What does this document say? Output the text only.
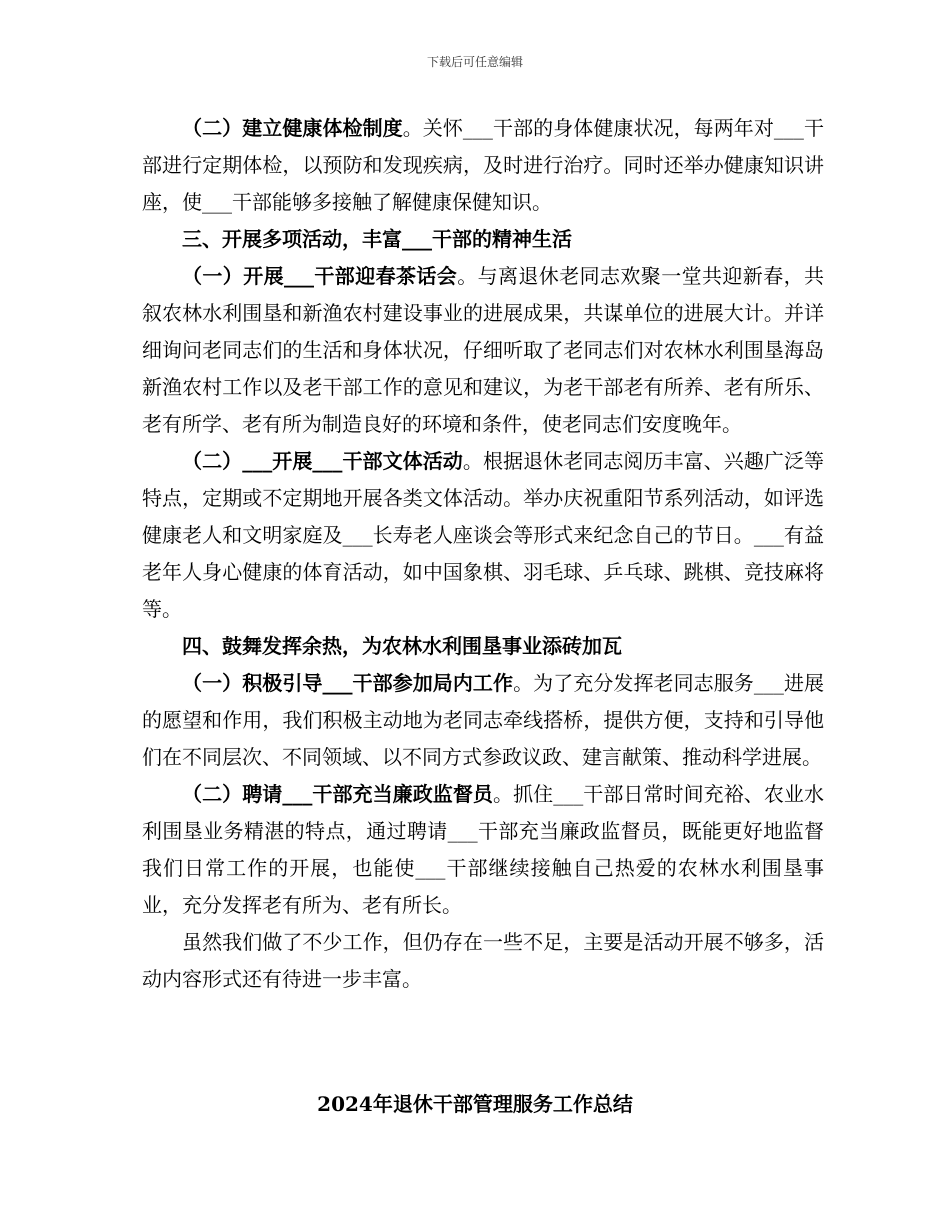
下载后可任意编辑

（二）建立健康体检制度。关怀___干部的身体健康状况，每两年对___干部进行定期体检，以预防和发现疾病，及时进行治疗。同时还举办健康知识讲座，使___干部能够多接触了解健康保健知识。

三、开展多项活动，丰富___干部的精神生活

（一）开展___干部迎春茶话会。与离退休老同志欢聚一堂共迎新春，共叙农林水利围垦和新渔农村建设事业的进展成果，共谋单位的进展大计。并详细询问老同志们的生活和身体状况，仔细听取了老同志们对农林水利围垦海岛新渔农村工作以及老干部工作的意见和建议，为老干部老有所养、老有所乐、老有所学、老有所为制造良好的环境和条件，使老同志们安度晚年。

（二）___开展___干部文体活动。根据退休老同志阅历丰富、兴趣广泛等特点，定期或不定期地开展各类文体活动。举办庆祝重阳节系列活动，如评选健康老人和文明家庭及___长寿老人座谈会等形式来纪念自己的节日。___有益老年人身心健康的体育活动，如中国象棋、羽毛球、乒乓球、跳棋、竞技麻将等。

四、鼓舞发挥余热，为农林水利围垦事业添砖加瓦

（一）积极引导___干部参加局内工作。为了充分发挥老同志服务___进展的愿望和作用，我们积极主动地为老同志牵线搭桥，提供方便，支持和引导他们在不同层次、不同领域、以不同方式参政议政、建言献策、推动科学进展。

（二）聘请___干部充当廉政监督员。抓住___干部日常时间充裕、农业水利围垦业务精湛的特点，通过聘请___干部充当廉政监督员，既能更好地监督我们日常工作的开展，也能使___干部继续接触自己热爱的农林水利围垦事业，充分发挥老有所为、老有所长。

虽然我们做了不少工作，但仍存在一些不足，主要是活动开展不够多，活动内容形式还有待进一步丰富。

2024年退休干部管理服务工作总结
